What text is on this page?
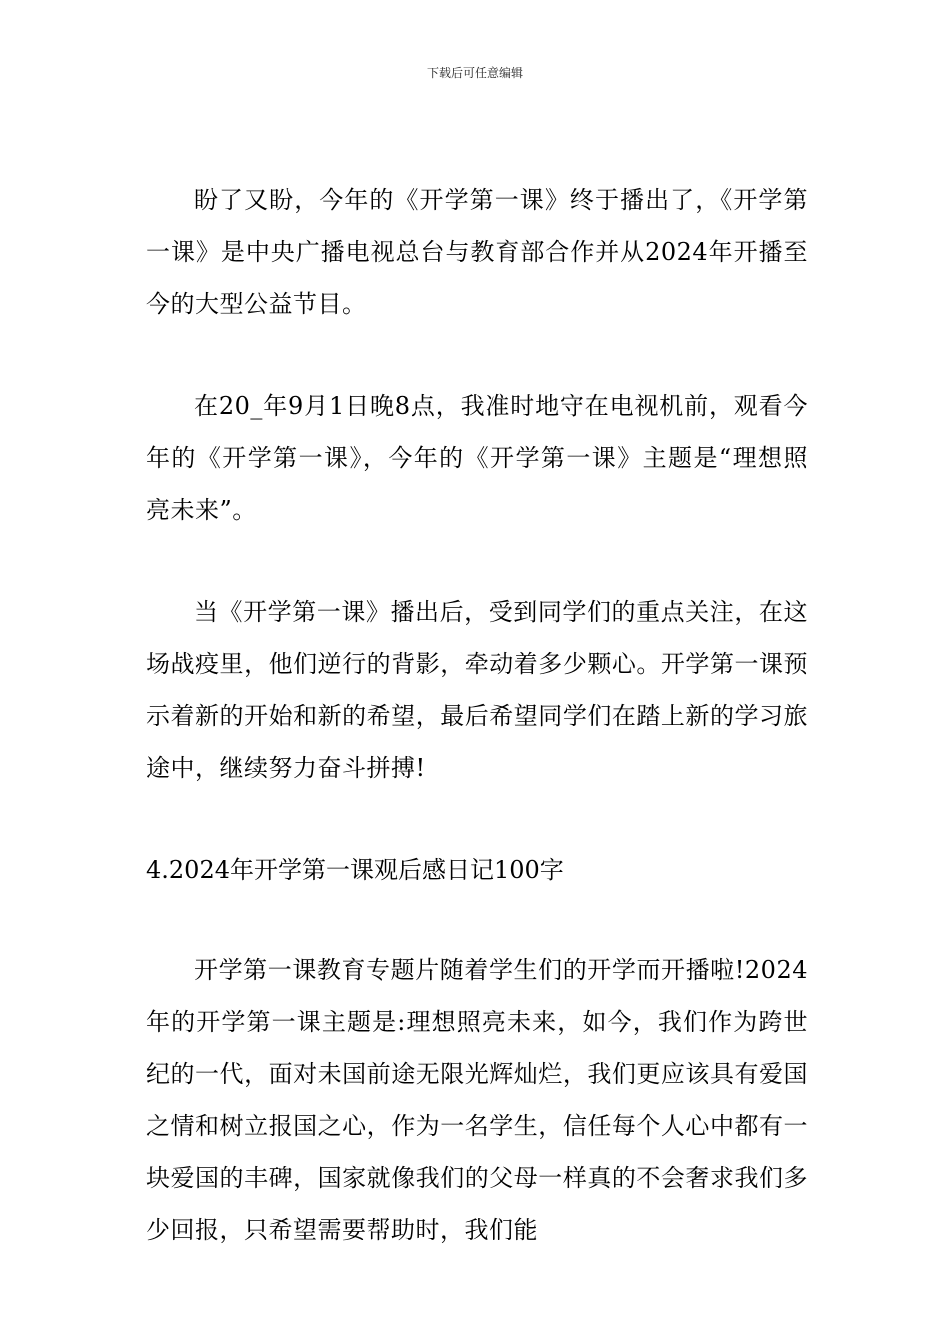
下载后可任意编辑

盼了又盼，今年的《开学第一课》终于播出了，《开学第一课》是中央广播电视总台与教育部合作并从2024年开播至今的大型公益节目。

在20_年9月1日晚8点，我准时地守在电视机前，观看今年的《开学第一课》，今年的《开学第一课》主题是“理想照亮未来”。

当《开学第一课》播出后，受到同学们的重点关注，在这场战疫里，他们逆行的背影，牵动着多少颗心。开学第一课预示着新的开始和新的希望，最后希望同学们在踏上新的学习旅途中，继续努力奋斗拼搏!

4.2024年开学第一课观后感日记100字

开学第一课教育专题片随着学生们的开学而开播啦!2024年的开学第一课主题是:理想照亮未来，如今，我们作为跨世纪的一代，面对未国前途无限光辉灿烂，我们更应该具有爱国之情和树立报国之心，作为一名学生，信任每个人心中都有一块爱国的丰碑，国家就像我们的父母一样真的不会奢求我们多少回报，只希望需要帮助时，我们能
